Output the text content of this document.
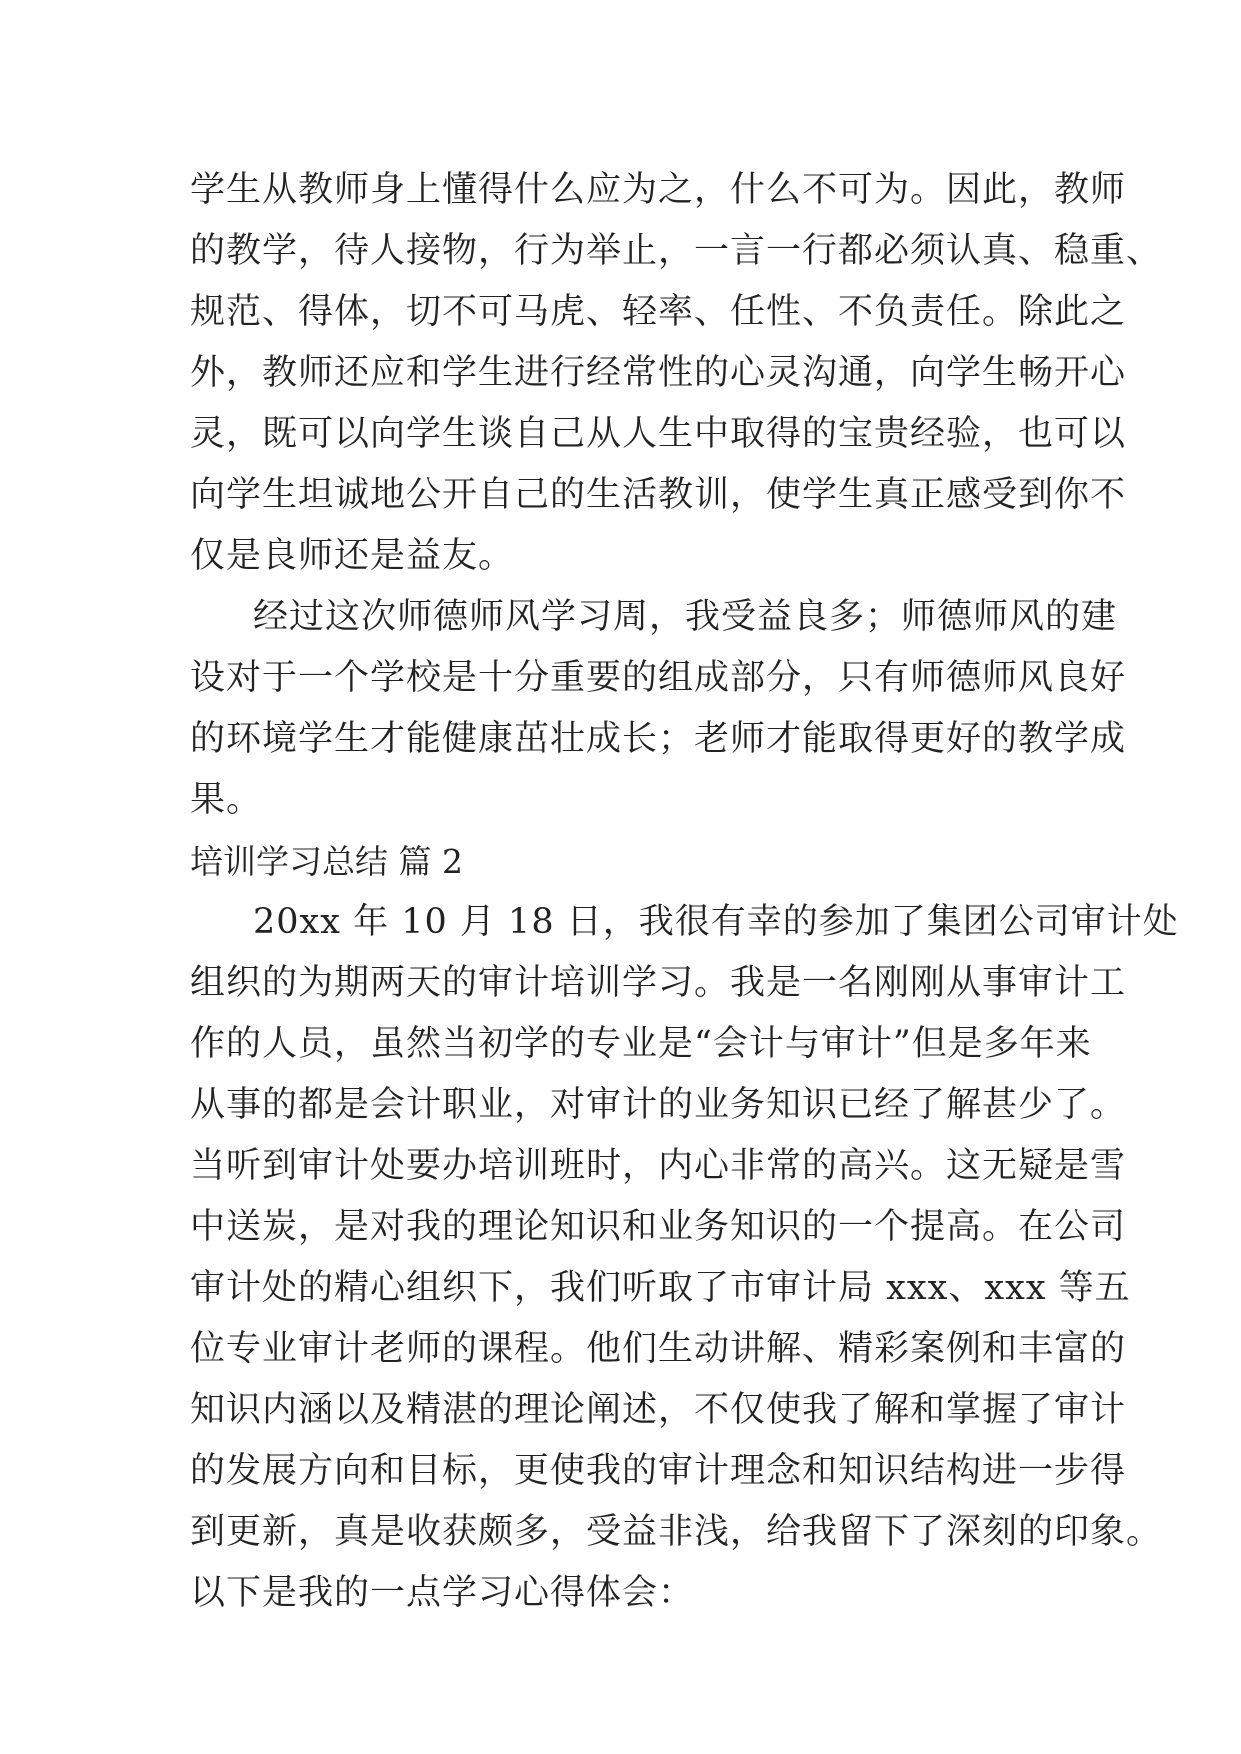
学生从教师身上懂得什么应为之，什么不可为。因此，教师
的教学，待人接物，行为举止，一言一行都必须认真、稳重、
规范、得体，切不可马虎、轻率、任性、不负责任。除此之
外，教师还应和学生进行经常性的心灵沟通，向学生畅开心
灵，既可以向学生谈自己从人生中取得的宝贵经验，也可以
向学生坦诚地公开自己的生活教训，使学生真正感受到你不
仅是良师还是益友。
经过这次师德师风学习周，我受益良多；师德师风的建
设对于一个学校是十分重要的组成部分，只有师德师风良好
的环境学生才能健康茁壮成长；老师才能取得更好的教学成
果。
培训学习总结 篇 2
20xx 年 10 月 18 日，我很有幸的参加了集团公司审计处
组织的为期两天的审计培训学习。我是一名刚刚从事审计工
作的人员，虽然当初学的专业是“会计与审计”但是多年来
从事的都是会计职业，对审计的业务知识已经了解甚少了。
当听到审计处要办培训班时，内心非常的高兴。这无疑是雪
中送炭，是对我的理论知识和业务知识的一个提高。在公司
审计处的精心组织下，我们听取了市审计局 xxx、xxx 等五
位专业审计老师的课程。他们生动讲解、精彩案例和丰富的
知识内涵以及精湛的理论阐述，不仅使我了解和掌握了审计
的发展方向和目标，更使我的审计理念和知识结构进一步得
到更新，真是收获颇多，受益非浅，给我留下了深刻的印象。
以下是我的一点学习心得体会：
